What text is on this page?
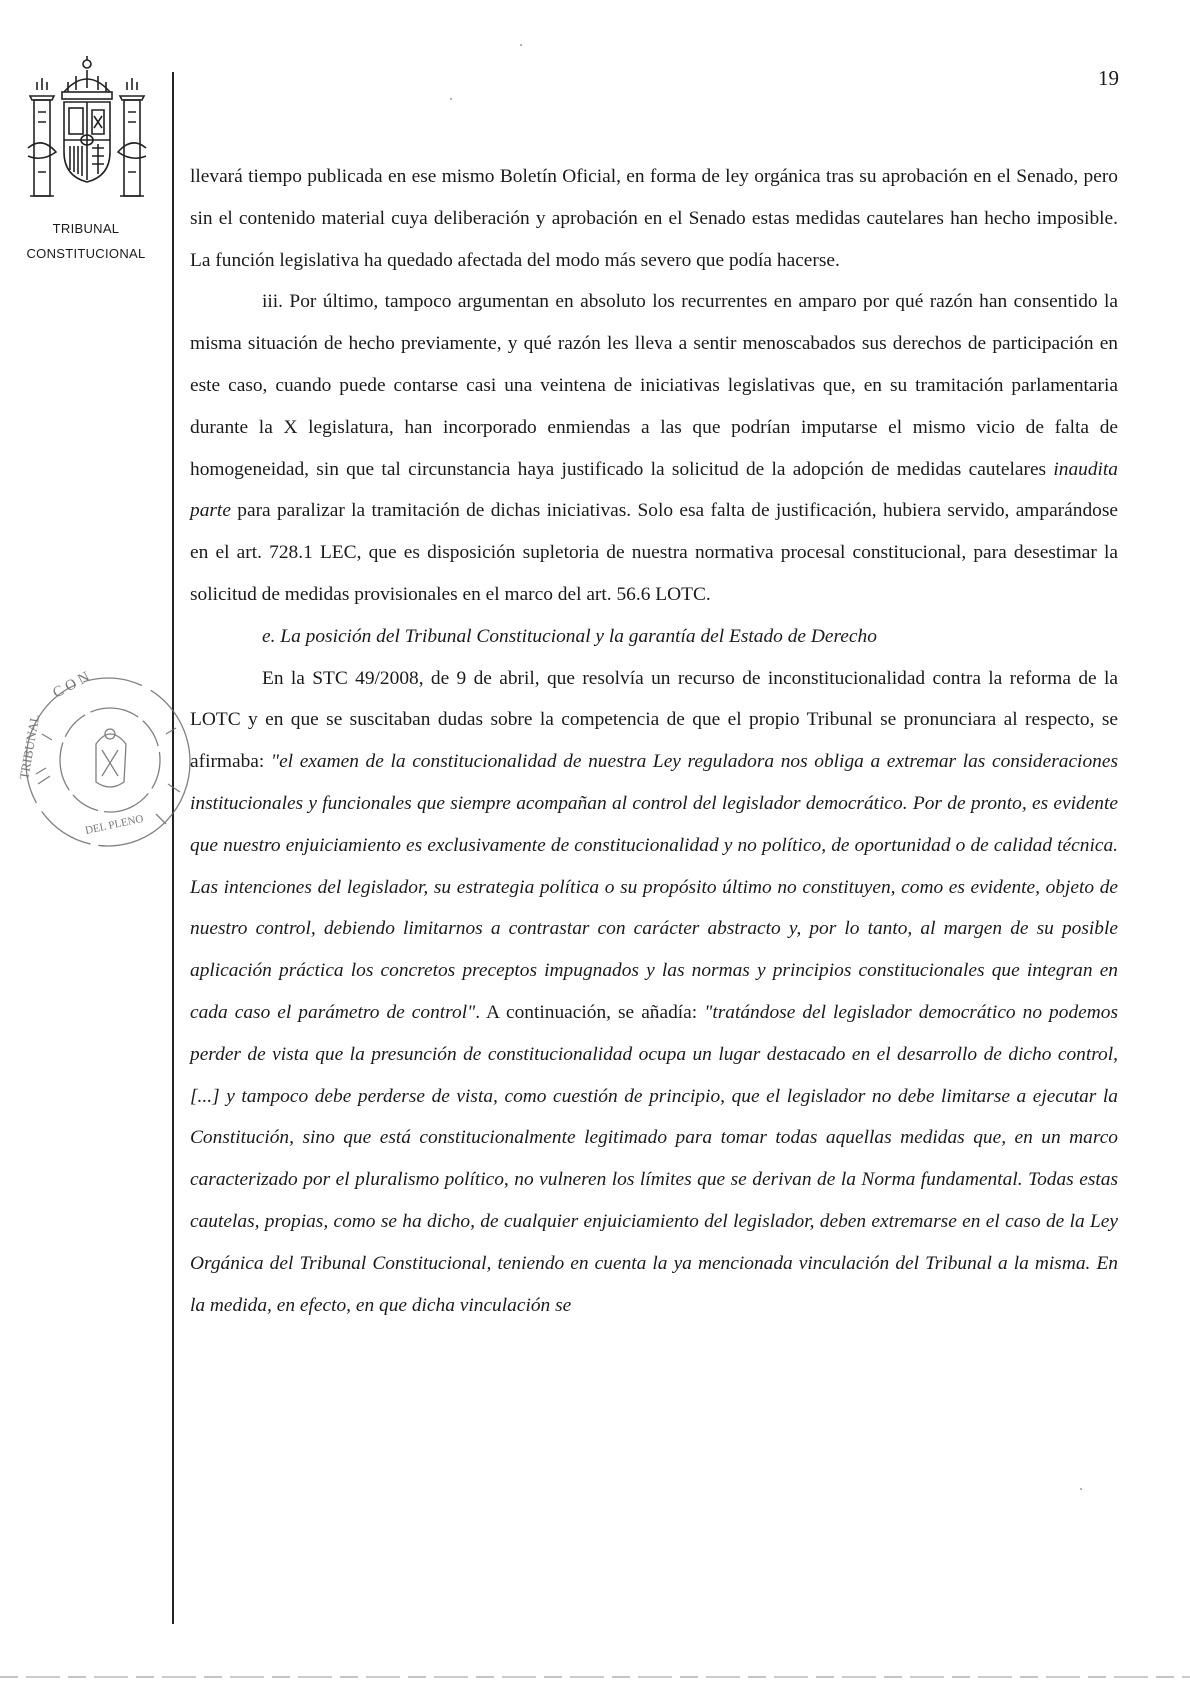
19
TRIBUNAL
CONSTITUCIONAL
C O N
TRIBUNAL
DEL PLENO

llevará tiempo publicada en ese mismo Boletín Oficial, en forma de ley orgánica tras su aprobación en el Senado, pero sin el contenido material cuya deliberación y aprobación en el Senado estas medidas cautelares han hecho imposible. La función legislativa ha quedado afectada del modo más severo que podía hacerse.

iii. Por último, tampoco argumentan en absoluto los recurrentes en amparo por qué razón han consentido la misma situación de hecho previamente, y qué razón les lleva a sentir menoscabados sus derechos de participación en este caso, cuando puede contarse casi una veintena de iniciativas legislativas que, en su tramitación parlamentaria durante la X legislatura, han incorporado enmiendas a las que podrían imputarse el mismo vicio de falta de homogeneidad, sin que tal circunstancia haya justificado la solicitud de la adopción de medidas cautelares inaudita parte para paralizar la tramitación de dichas iniciativas. Solo esa falta de justificación, hubiera servido, amparándose en el art. 728.1 LEC, que es disposición supletoria de nuestra normativa procesal constitucional, para desestimar la solicitud de medidas provisionales en el marco del art. 56.6 LOTC.

e. La posición del Tribunal Constitucional y la garantía del Estado de Derecho

En la STC 49/2008, de 9 de abril, que resolvía un recurso de inconstitucionalidad contra la reforma de la LOTC y en que se suscitaban dudas sobre la competencia de que el propio Tribunal se pronunciara al respecto, se afirmaba: "el examen de la constitucionalidad de nuestra Ley reguladora nos obliga a extremar las consideraciones institucionales y funcionales que siempre acompañan al control del legislador democrático. Por de pronto, es evidente que nuestro enjuiciamiento es exclusivamente de constitucionalidad y no político, de oportunidad o de calidad técnica. Las intenciones del legislador, su estrategia política o su propósito último no constituyen, como es evidente, objeto de nuestro control, debiendo limitarnos a contrastar con carácter abstracto y, por lo tanto, al margen de su posible aplicación práctica los concretos preceptos impugnados y las normas y principios constitucionales que integran en cada caso el parámetro de control". A continuación, se añadía: "tratándose del legislador democrático no podemos perder de vista que la presunción de constitucionalidad ocupa un lugar destacado en el desarrollo de dicho control, [...] y tampoco debe perderse de vista, como cuestión de principio, que el legislador no debe limitarse a ejecutar la Constitución, sino que está constitucionalmente legitimado para tomar todas aquellas medidas que, en un marco caracterizado por el pluralismo político, no vulneren los límites que se derivan de la Norma fundamental. Todas estas cautelas, propias, como se ha dicho, de cualquier enjuiciamiento del legislador, deben extremarse en el caso de la Ley Orgánica del Tribunal Constitucional, teniendo en cuenta la ya mencionada vinculación del Tribunal a la misma. En la medida, en efecto, en que dicha vinculación se
